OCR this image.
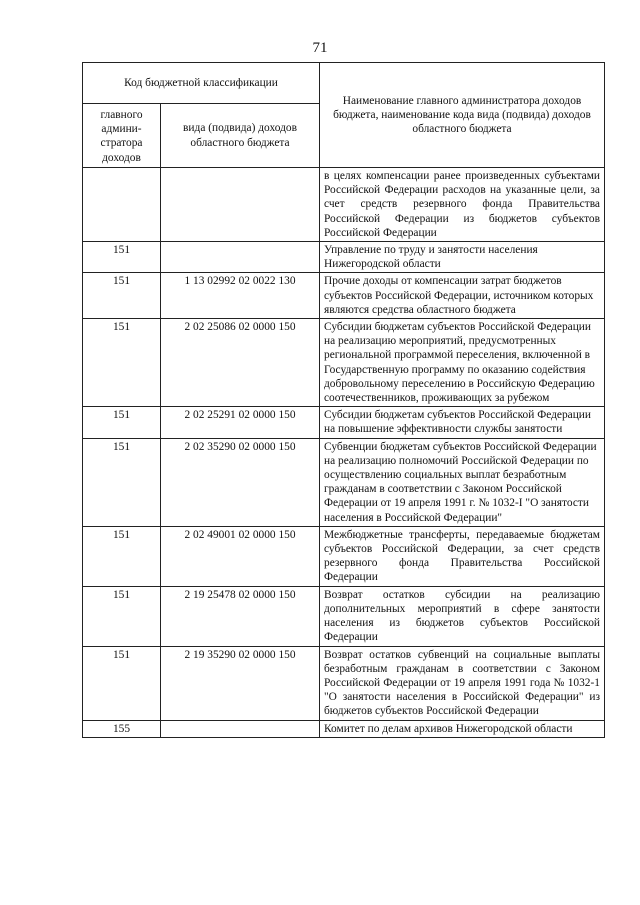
71
Код бюджетной классификации		Наименование главного администратора доходов бюджета, наименование кода вида (подвида) доходов областного бюджета
главного админи-стратора доходов	вида (подвида) доходов областного бюджета	
		в целях компенсации ранее произведенных субъектами Российской Федерации расходов на указанные цели, за счет средств резервного фонда Правительства Российской Федерации из бюджетов субъектов Российской Федерации
151		Управление по труду и занятости населения Нижегородской области
151	1 13 02992 02 0022 130	Прочие доходы от компенсации затрат бюджетов субъектов Российской Федерации, источником которых являются средства областного бюджета
151	2 02 25086 02 0000 150	Субсидии бюджетам субъектов Российской Федерации на реализацию мероприятий, предусмотренных региональной программой переселения, включенной в Государственную программу по оказанию содействия добровольному переселению в Российскую Федерацию соотечественников, проживающих за рубежом
151	2 02 25291 02 0000 150	Субсидии бюджетам субъектов Российской Федерации на повышение эффективности службы занятости
151	2 02 35290 02 0000 150	Субвенции бюджетам субъектов Российской Федерации на реализацию полномочий Российской Федерации по осуществлению социальных выплат безработным гражданам в соответствии с Законом Российской Федерации от 19 апреля 1991 г. № 1032-I "О занятости населения в Российской Федерации"
151	2 02 49001 02 0000 150	Межбюджетные трансферты, передаваемые бюджетам субъектов Российской Федерации, за счет средств резервного фонда Правительства Российской Федерации
151	2 19 25478 02 0000 150	Возврат остатков субсидии на реализацию дополнительных мероприятий в сфере занятости населения из бюджетов субъектов Российской Федерации
151	2 19 35290 02 0000 150	Возврат остатков субвенций на социальные выплаты безработным гражданам в соответствии с Законом Российской Федерации от 19 апреля 1991 года № 1032-1 "О занятости населения в Российской Федерации" из бюджетов субъектов Российской Федерации
155		Комитет по делам архивов Нижегородской области
